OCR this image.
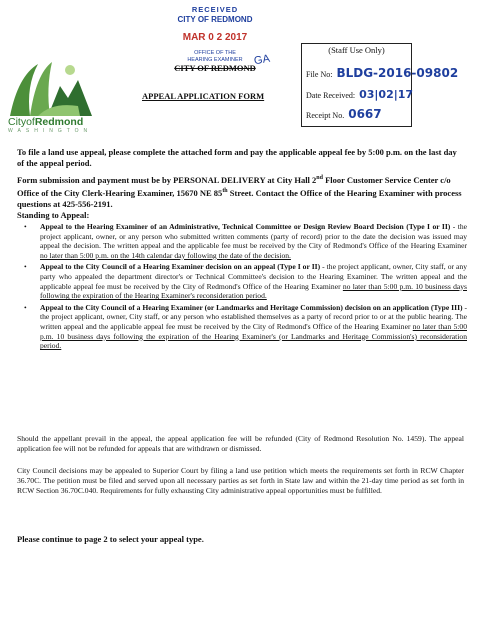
CityofRedmond
WASHINGTON
RECEIVED
CITY OF REDMOND
MAR 0 2 2017
OFFICE OF THE
HEARING EXAMINER
CITY OF REDMOND
GA
APPEAL APPLICATION FORM
(Staff Use Only)
File No: BLDG-2016-09802
Date Received: 03|02|17
Receipt No. 0667
To file a land use appeal, please complete the attached form and pay the applicable appeal fee by 5:00 p.m. on the last day of the appeal period.
Form submission and payment must be by PERSONAL DELIVERY at City Hall 2nd Floor Customer Service Center c/o Office of the City Clerk-Hearing Examiner, 15670 NE 85th Street. Contact the Office of the Hearing Examiner with process questions at 425-556-2191.
Standing to Appeal:
• Appeal to the Hearing Examiner of an Administrative, Technical Committee or Design Review Board Decision (Type I or II) - the project applicant, owner, or any person who submitted written comments (party of record) prior to the date the decision was issued may appeal the decision. The written appeal and the applicable fee must be received by the City of Redmond's Office of the Hearing Examiner no later than 5:00 p.m. on the 14th calendar day following the date of the decision.
• Appeal to the City Council of a Hearing Examiner decision on an appeal (Type I or II) - the project applicant, owner, City staff, or any party who appealed the department director's or Technical Committee's decision to the Hearing Examiner. The written appeal and the applicable appeal fee must be received by the City of Redmond's Office of the Hearing Examiner no later than 5:00 p.m. 10 business days following the expiration of the Hearing Examiner's reconsideration period.
• Appeal to the City Council of a Hearing Examiner (or Landmarks and Heritage Commission) decision on an application (Type III) - the project applicant, owner, City staff, or any person who established themselves as a party of record prior to or at the public hearing. The written appeal and the applicable appeal fee must be received by the City of Redmond's Office of the Hearing Examiner no later than 5:00 p.m. 10 business days following the expiration of the Hearing Examiner's (or Landmarks and Heritage Commission's) reconsideration period.

Should the appellant prevail in the appeal, the appeal application fee will be refunded (City of Redmond Resolution No. 1459). The appeal application fee will not be refunded for appeals that are withdrawn or dismissed.

City Council decisions may be appealed to Superior Court by filing a land use petition which meets the requirements set forth in RCW Chapter 36.70C. The petition must be filed and served upon all necessary parties as set forth in State law and within the 21-day time period as set forth in RCW Section 36.70C.040. Requirements for fully exhausting City administrative appeal opportunities must be fulfilled.

Please continue to page 2 to select your appeal type.
